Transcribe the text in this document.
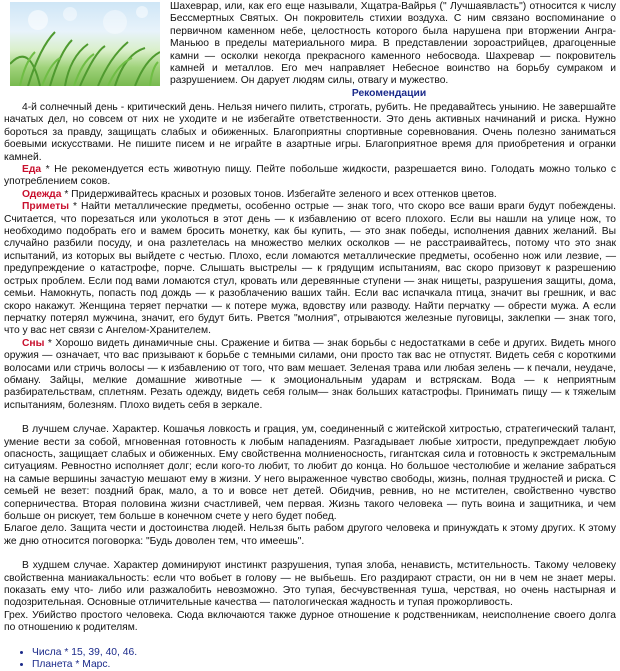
Шахеврар, или, как его еще называли, Хщатра-Вайрья (" Лучшаявласть") относится к числу Бессмертных Святых. Он покровитель стихии воздуха. С ним связано воспоминание о первичном каменном небе, целостность которого была нарушена при вторжении Ангра-Маньюо в пределы материального мира. В представлении зороастрийцев, драгоценные камни — осколки некогда прекрасного каменного небосвода. Шахревар — покровитель камней и металлов. Его меч направляет Небесное воинство на борьбу сумраком и разрушением. Он дарует людям силы, отвагу и мужество.

Рекомендации

4-й солнечный день - критический день. Нельзя ничего пилить, строгать, рубить. Не предавайтесь унынию. Не завершайте начатых дел, но совсем от них не уходите и не избегайте ответственности. Это день активных начинаний и риска. Нужно бороться за правду, защищать слабых и обиженных. Благоприятны спортивные соревнования. Очень полезно заниматься боевыми искусствами. Не пишите писем и не играйте в азартные игры. Благоприятное время для приобретения и огранки камней.

Еда * Не рекомендуется есть животную пищу. Пейте побольше жидкости, разрешается вино. Голодать можно только с употреблением соков.

Одежда * Придерживайтесь красных и розовых тонов. Избегайте зеленого и всех оттенков цветов.

Приметы * Найти металлические предметы, особенно острые — знак того, что скоро все ваши враги будут побеждены. Считается, что порезаться или уколоться в этот день — к избавлению от всего плохого. Если вы нашли на улице нож, то необходимо подобрать его и вамем бросить монетку, как бы купить, — это знак победы, исполнения давних желаний. Вы случайно разбили посуду, и она разлетелась на множество мелких осколков — не расстраивайтесь, потому что это знак испытаний, из которых вы выйдете с честью. Плохо, если ломаются металлические предметы, особенно нож или лезвие, — предупреждение о катастрофе, порче. Слышать выстрелы — к грядущим испытаниям, вас скоро призовут к разрешению острых проблем. Если под вами ломаются стул, кровать или деревянные ступени — знак нищеты, разрушения защиты, дома, семьи. Намокнуть, попасть под дождь — к разоблачению ваших тайн. Если вас испачкала птица, значит вы грешник, и вас скоро накажут. Женщина теряет перчатки — к потере мужа, вдовству или разводу. Найти перчатку — обрести мужа. А если перчатку потерял мужчина, значит, его будут бить. Рвется "молния", отрываются железные пуговицы, заклепки — знак того, что у вас нет связи с Ангелом-Хранителем.

Сны * Хорошо видеть динамичные сны. Сражение и битва — знак борьбы с недостатками в себе и других. Видеть много оружия — означает, что вас призывают к борьбе с темными силами, они просто так вас не отпустят. Видеть себя с короткими волосами или стричь волосы — к избавлению от того, что вам мешает. Зеленая трава или любая зелень — к печали, неудаче, обману. Зайцы, мелкие домашние животные — к эмоциональным ударам и встряскам. Вода — к неприятным разбирательствам, сплетням. Резать одежду, видеть себя голым— знак больших катастрофы. Принимать пищу — к тяжелым испытаниям, болезням. Плохо видеть себя в зеркале.

В лучшем случае. Характер. Кошачья ловкость и грация, ум, соединенный с житейской хитростью, стратегический талант, умение вести за собой, мгновенная готовность к любым нападениям. Разгадывает любые хитрости, предупреждает любую опасность, защищает слабых и обиженных. Ему свойственна молниеносность, гигантская сила и готовность к экстремальным ситуациям. Ревностно исполняет долг; если кого-то любит, то любит до конца. Но большое честолюбие и желание забраться на самые вершины зачастую мешают ему в жизни. У него выраженное чувство свободы, жизнь, полная трудностей и риска. С семьей не везет: поздний брак, мало, а то и вовсе нет детей. Обидчив, ревнив, но не мстителен, свойственно чувство соперничества. Вторая половина жизни счастливей, чем первая. Жизнь такого человека — путь воина и защитника, и чем больше он рискует, тем больше в конечном счете у него будет побед.

Благое дело. Защита чести и достоинства людей. Нельзя быть рабом другого человека и принуждать к этому других. К этому же дню относится поговорка: "Будь доволен тем, что имеешь".

В худшем случае. Характер доминируют инстинкт разрушения, тупая злоба, ненависть, мстительность. Такому человеку свойственна маниакальность: если что вобьет в голову — не выбьешь. Его раздирают страсти, он ни в чем не знает меры. показать ему что- либо или разжалобить невозможно. Это тупая, бесчувственная туша, черствая, но очень настырная и подозрительная. Основные отличительные качества — патологическая жадность и тупая прожорливость.

Грех. Убийство простого человека. Сюда включаются также дурное отношение к родственникам, неисполнение своего долга по отношению к родителям.

• Числа * 15, 39, 40, 46.
• Планета * Марс.
